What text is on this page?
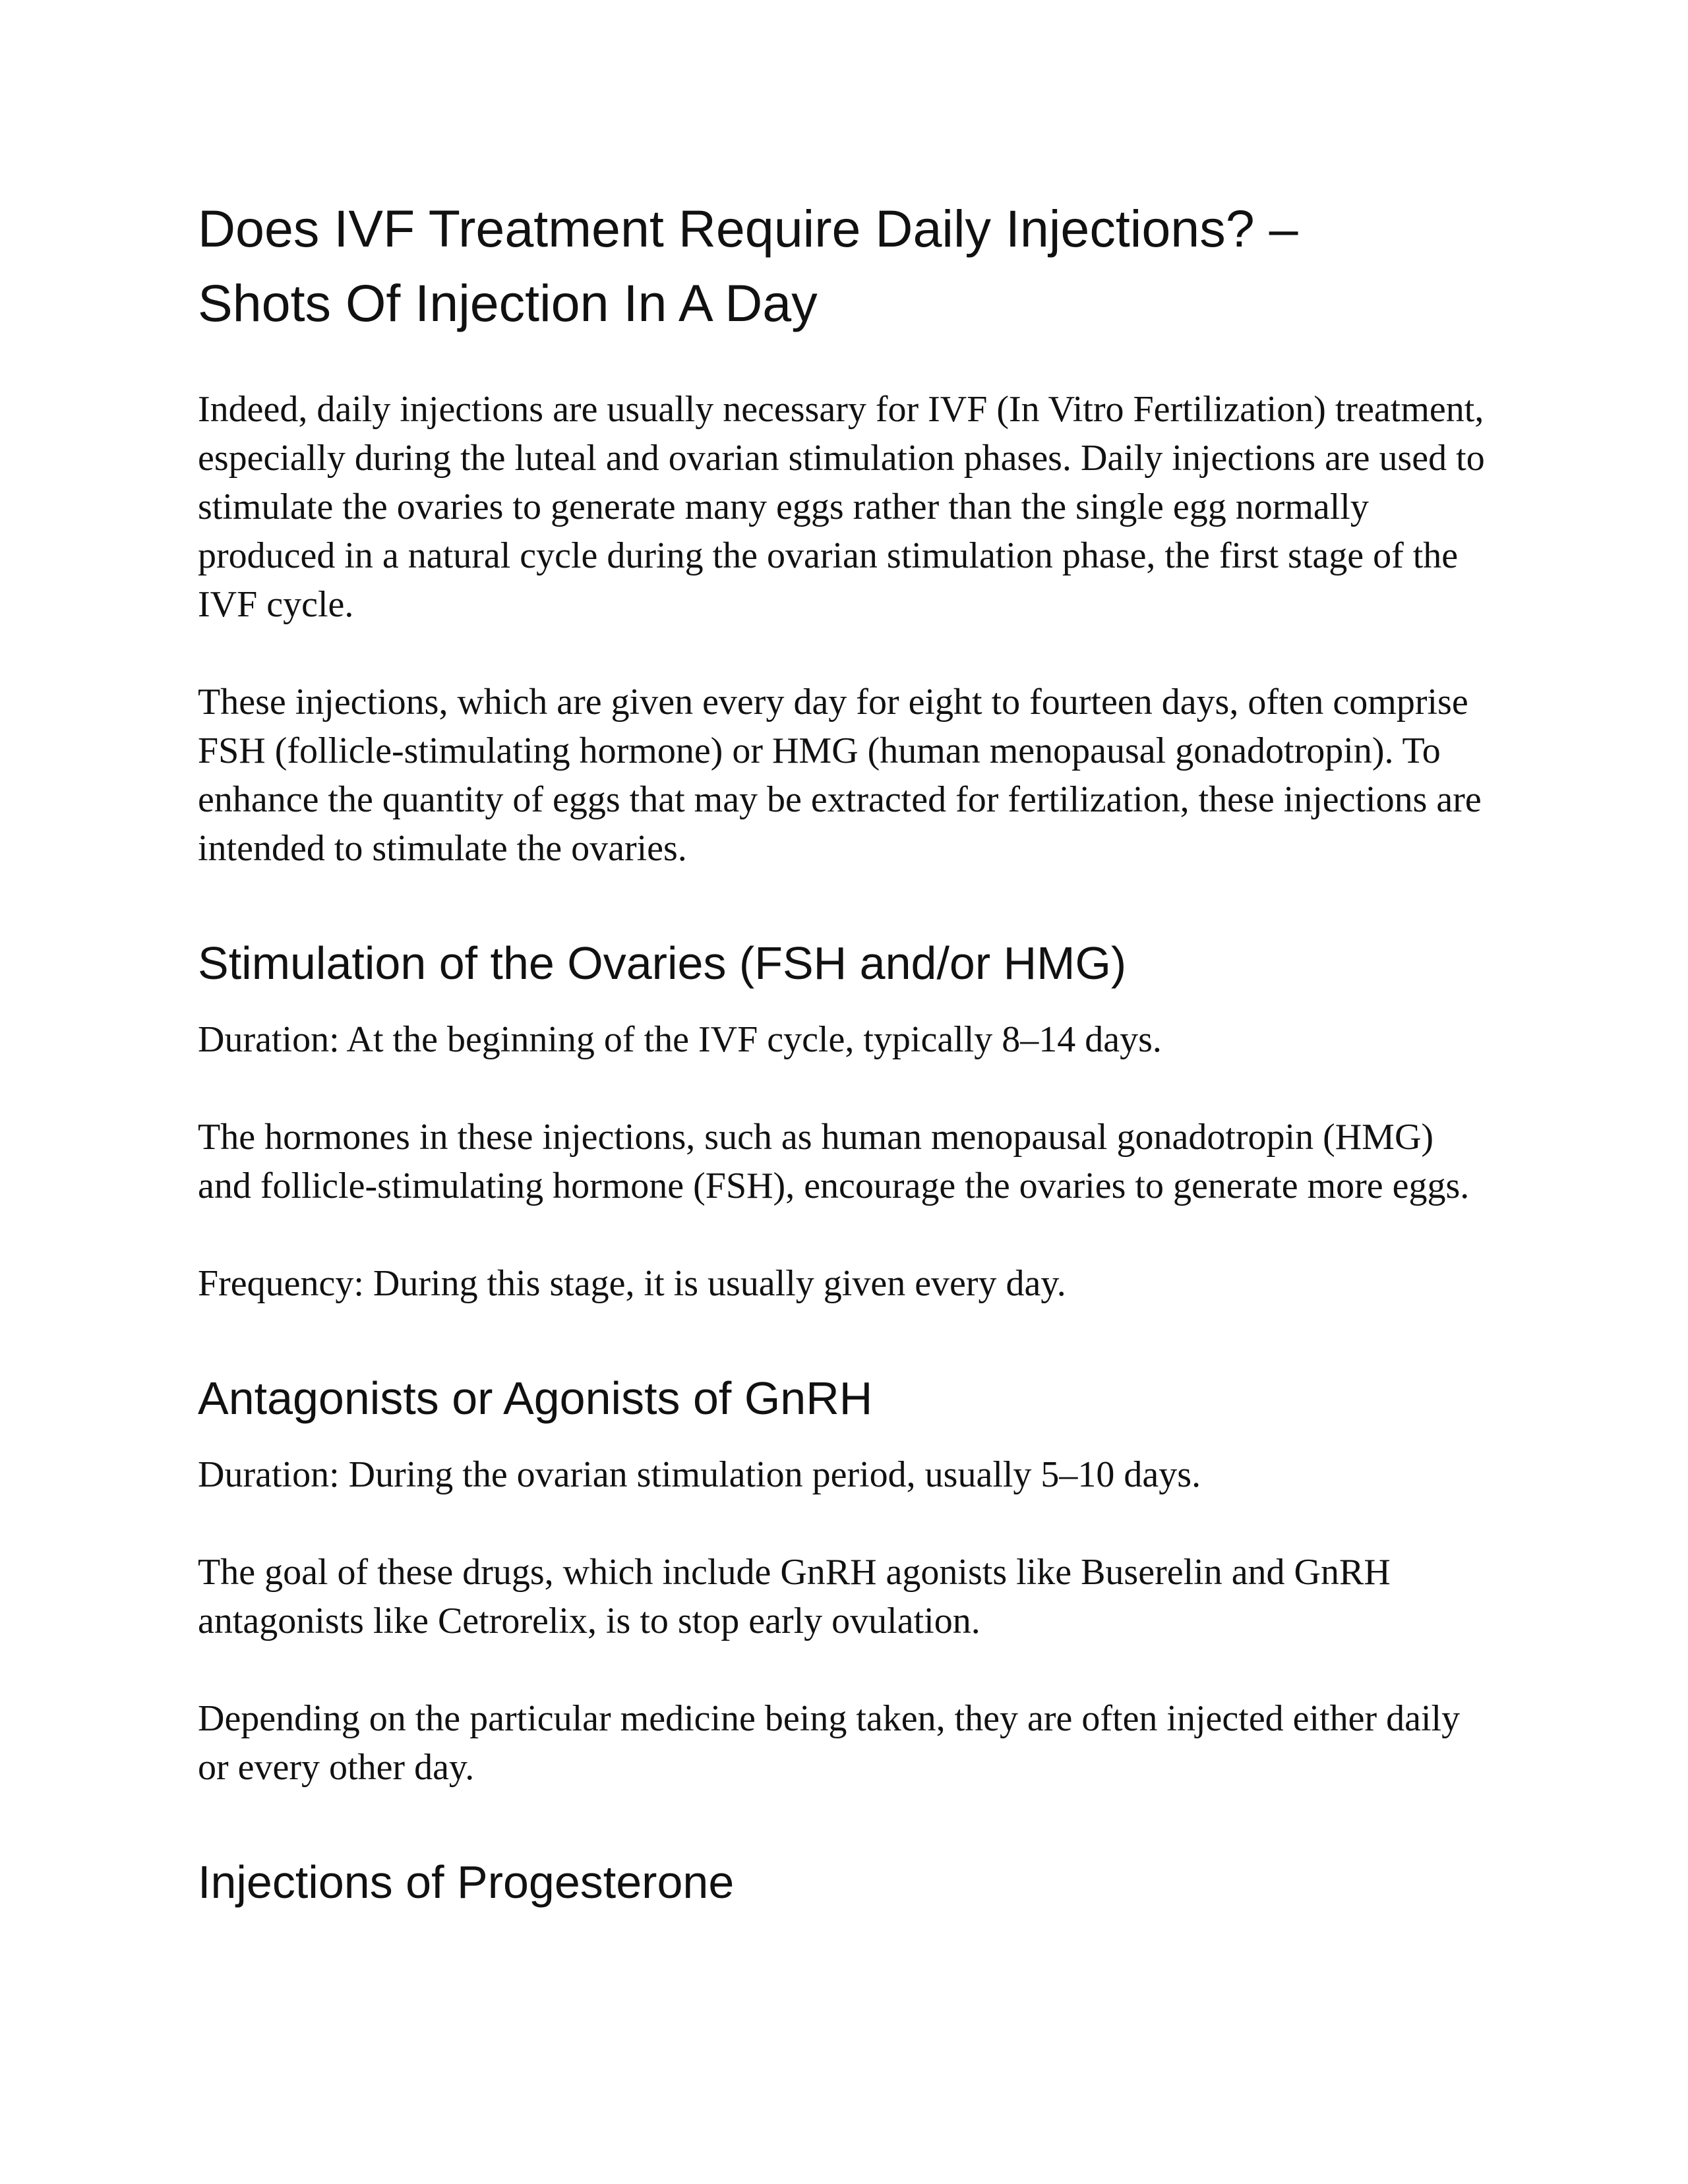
Does IVF Treatment Require Daily Injections? –
Shots Of Injection In A Day

Indeed, daily injections are usually necessary for IVF (In Vitro Fertilization) treatment, especially during the luteal and ovarian stimulation phases. Daily injections are used to stimulate the ovaries to generate many eggs rather than the single egg normally produced in a natural cycle during the ovarian stimulation phase, the first stage of the IVF cycle.

These injections, which are given every day for eight to fourteen days, often comprise FSH (follicle-stimulating hormone) or HMG (human menopausal gonadotropin). To enhance the quantity of eggs that may be extracted for fertilization, these injections are intended to stimulate the ovaries.

Stimulation of the Ovaries (FSH and/or HMG)

Duration: At the beginning of the IVF cycle, typically 8–14 days.

The hormones in these injections, such as human menopausal gonadotropin (HMG) and follicle-stimulating hormone (FSH), encourage the ovaries to generate more eggs.

Frequency: During this stage, it is usually given every day.

Antagonists or Agonists of GnRH

Duration: During the ovarian stimulation period, usually 5–10 days.

The goal of these drugs, which include GnRH agonists like Buserelin and GnRH antagonists like Cetrorelix, is to stop early ovulation.

Depending on the particular medicine being taken, they are often injected either daily or every other day.

Injections of Progesterone
